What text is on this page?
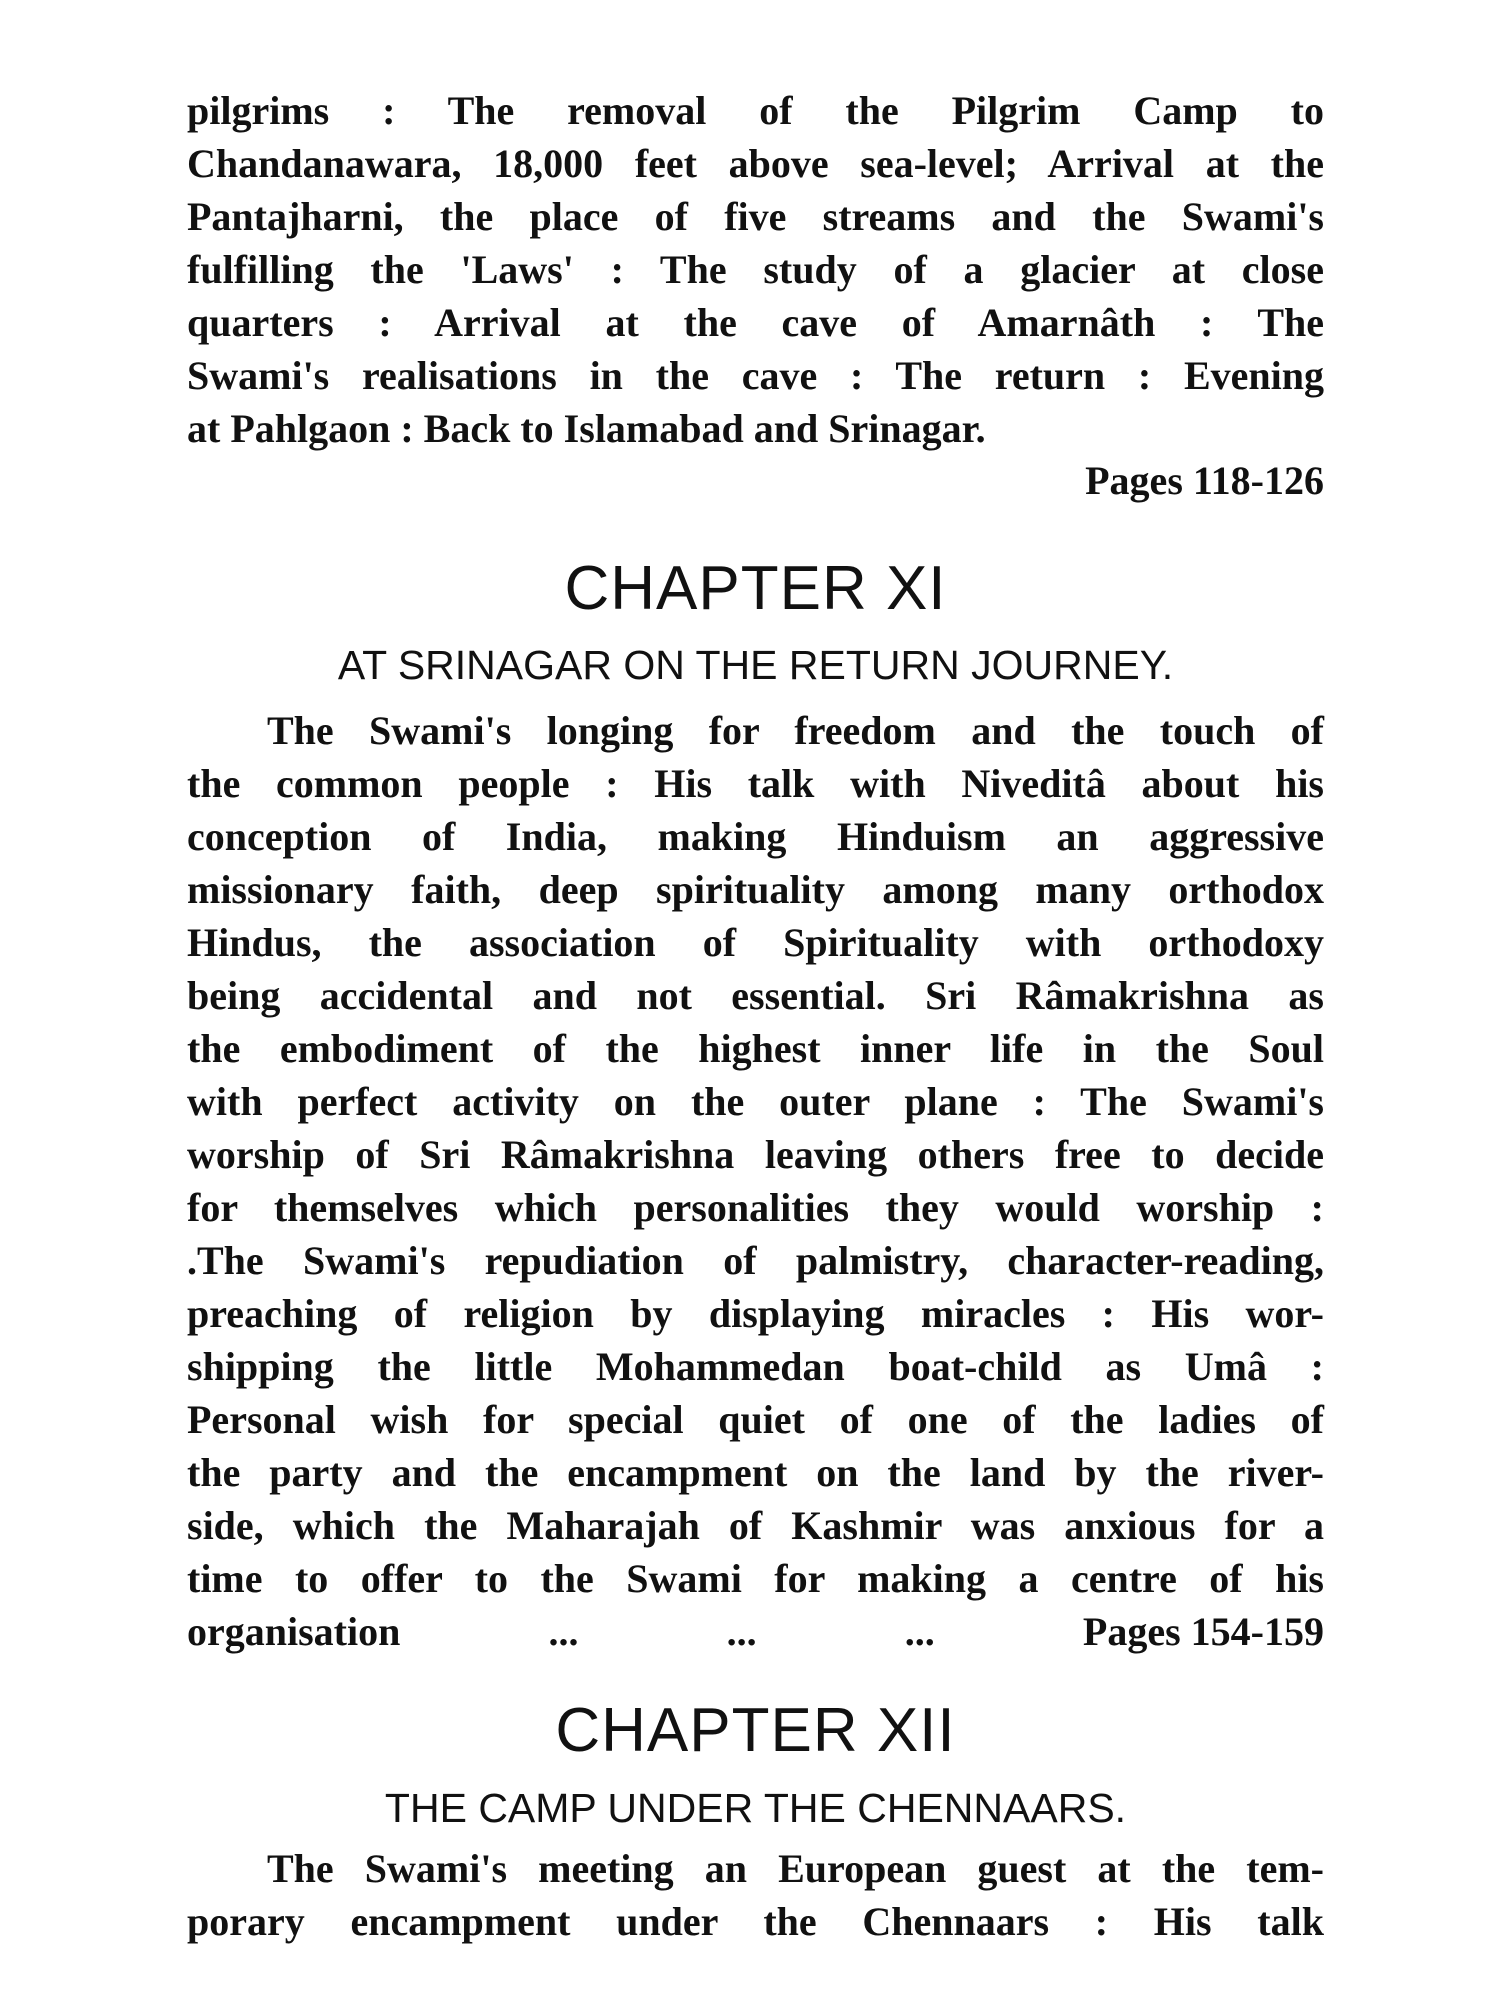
pilgrims : The removal of the Pilgrim Camp to
Chandanawara, 18,000 feet above sea-level; Arrival at the
Pantajharni, the place of five streams and the Swami's
fulfilling the 'Laws' : The study of a glacier at close
quarters : Arrival at the cave of Amarnâth : The
Swami's realisations in the cave : The return : Evening
at Pahlgaon : Back to Islamabad and Srinagar.
Pages 118-126
CHAPTER XI
AT SRINAGAR ON THE RETURN JOURNEY.
The Swami's longing for freedom and the touch of
the common people : His talk with Niveditâ about his
conception of India, making Hinduism an aggressive
missionary faith, deep spirituality among many orthodox
Hindus, the association of Spirituality with orthodoxy
being accidental and not essential. Sri Râmakrishna as
the embodiment of the highest inner life in the Soul
with perfect activity on the outer plane : The Swami's
worship of Sri Râmakrishna leaving others free to decide
for themselves which personalities they would worship :
.The Swami's repudiation of palmistry, character-reading,
preaching of religion by displaying miracles : His wor-
shipping the little Mohammedan boat-child as Umâ :
Personal wish for special quiet of one of the ladies of
the party and the encampment on the land by the river-
side, which the Maharajah of Kashmir was anxious for a
time to offer to the Swami for making a centre of his
organisation	...	...	...	Pages 154-159
CHAPTER XII
THE CAMP UNDER THE CHENNAARS.
The Swami's meeting an European guest at the tem-
porary encampment under the Chennaars : His talk
